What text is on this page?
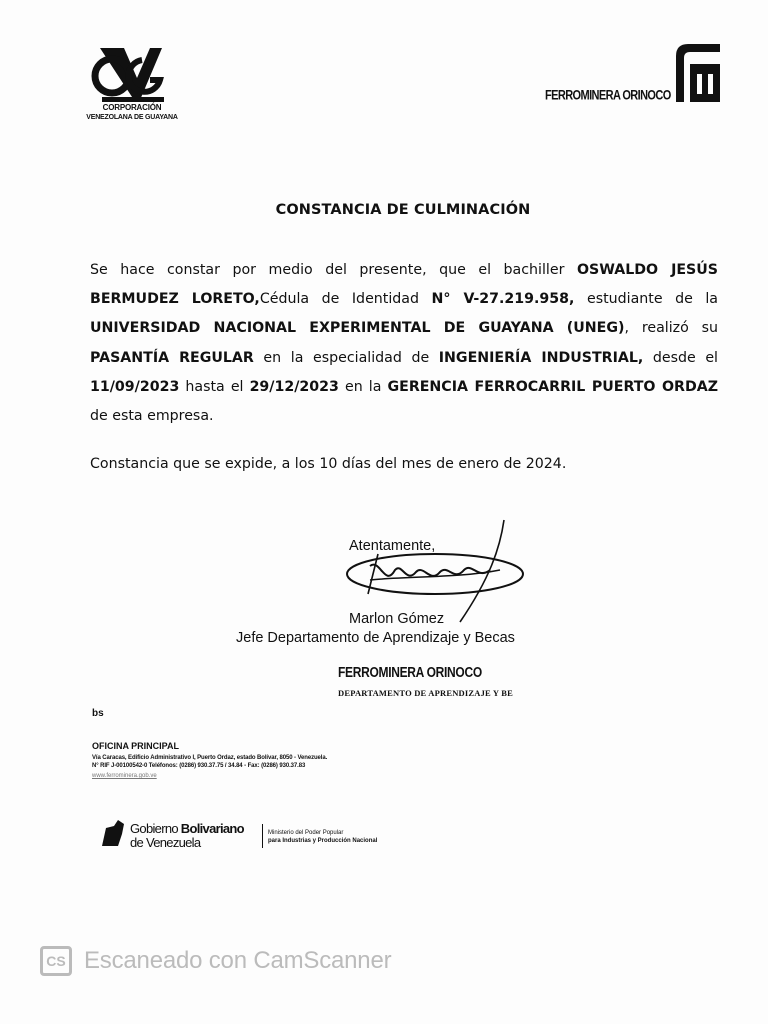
CORPORACIÓN
VENEZOLANA DE GUAYANA
FERROMINERA ORINOCO
CONSTANCIA DE CULMINACIÓN
Se hace constar por medio del presente, que el bachiller OSWALDO JESÚS BERMUDEZ LORETO,Cédula de Identidad N° V-27.219.958, estudiante de la UNIVERSIDAD NACIONAL EXPERIMENTAL DE GUAYANA (UNEG), realizó su PASANTÍA REGULAR en la especialidad de INGENIERÍA INDUSTRIAL, desde el 11/09/2023 hasta el 29/12/2023 en la GERENCIA FERROCARRIL PUERTO ORDAZ de esta empresa.
Constancia que se expide, a los 10 días del mes de enero de 2024.
Atentamente,
Marlon Gómez
Jefe Departamento de Aprendizaje y Becas
FERROMINERA ORINOCO
DEPARTAMENTO DE APRENDIZAJE Y BE
bs
OFICINA PRINCIPAL
Vía Caracas, Edificio Administrativo I, Puerto Ordaz, estado Bolívar, 8050 - Venezuela.
N° RIF J-00100542-0 Teléfonos: (0286) 930.37.75 / 34.84 - Fax: (0286) 930.37.83
www.ferrominera.gob.ve
Gobierno Bolivariano
de Venezuela
Ministerio del Poder Popular
para Industrias y Producción Nacional
CS Escaneado con CamScanner
